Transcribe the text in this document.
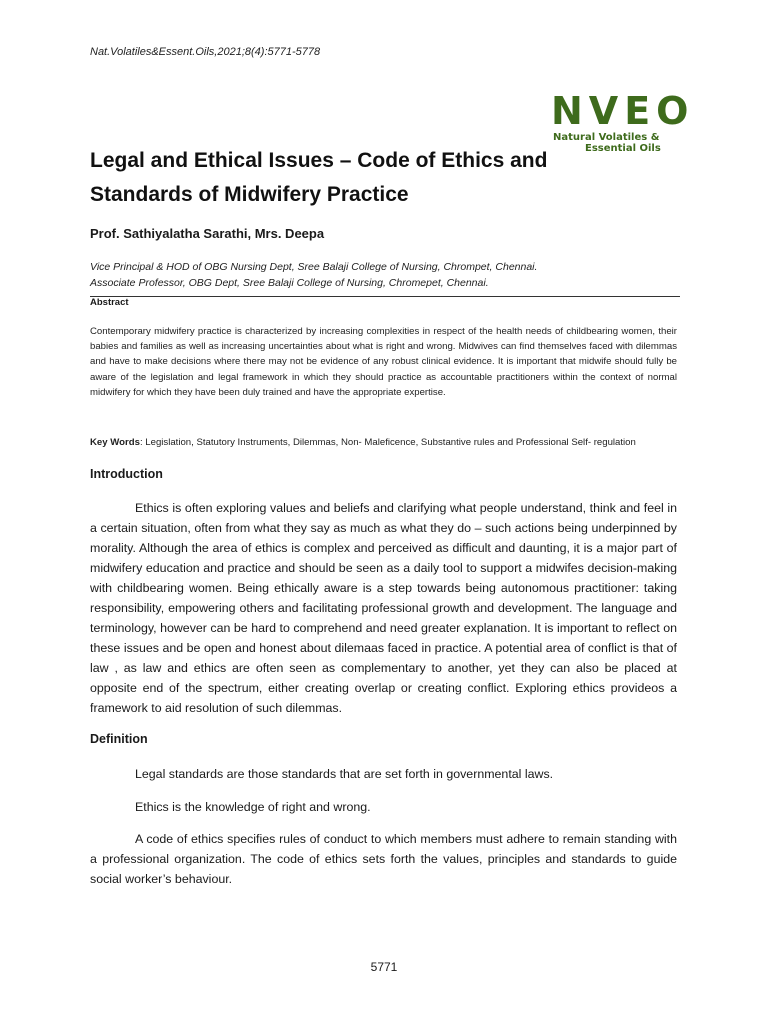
Nat.Volatiles&Essent.Oils,2021;8(4):5771-5778
NVEO
Natural Volatiles &
Essential Oils
Legal and Ethical Issues – Code of Ethics and Standards of Midwifery Practice
Prof. Sathiyalatha Sarathi, Mrs. Deepa
Vice Principal & HOD of OBG Nursing Dept, Sree Balaji College of Nursing, Chrompet, Chennai.
Associate Professor, OBG Dept, Sree Balaji College of Nursing, Chromepet, Chennai.
Abstract
Contemporary midwifery practice is characterized by increasing complexities in respect of the health needs of childbearing women, their babies and families as well as increasing uncertainties about what is right and wrong. Midwives can find themselves faced with dilemmas and have to make decisions where there may not be evidence of any robust clinical evidence. It is important that midwife should fully be aware of the legislation and legal framework in which they should practice as accountable practitioners within the context of normal midwifery for which they have been duly trained and have the appropriate expertise.
Key Words: Legislation, Statutory Instruments, Dilemmas, Non- Maleficence, Substantive rules and Professional Self- regulation
Introduction
Ethics is often exploring values and beliefs and clarifying what people understand, think and feel in a certain situation, often from what they say as much as what they do – such actions being underpinned by morality. Although the area of ethics is complex and perceived as difficult and daunting, it is a major part of midwifery education and practice and should be seen as a daily tool to support a midwifes decision-making with childbearing women. Being ethically aware is a step towards being autonomous practitioner: taking responsibility, empowering others and facilitating professional growth and development. The language and terminology, however can be hard to comprehend and need greater explanation. It is important to reflect on these issues and be open and honest about dilemaas faced in practice. A potential area of conflict is that of law , as law and ethics are often seen as complementary to another, yet they can also be placed at opposite end of the spectrum, either creating overlap or creating conflict. Exploring ethics provideos a framework to aid resolution of such dilemmas.
Definition
Legal standards are those standards that are set forth in governmental laws.
Ethics is the knowledge of right and wrong.
A code of ethics specifies rules of conduct to which members must adhere to remain standing with a professional organization. The code of ethics sets forth the values, principles and standards to guide social worker’s behaviour.
5771
